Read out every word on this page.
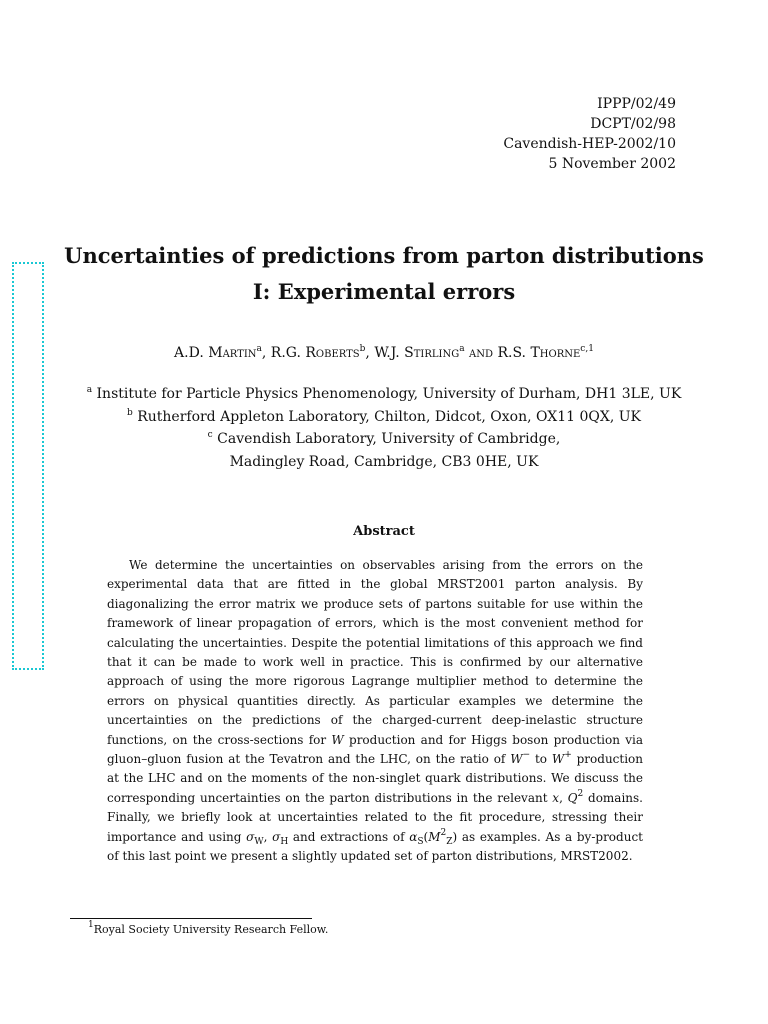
IPPP/02/49
DCPT/02/98
Cavendish-HEP-2002/10
5 November 2002
Uncertainties of predictions from parton distributions
I: Experimental errors
A.D. Martin$^a$, R.G. Roberts$^b$, W.J. Stirling$^a$ and R.S. Thorne$^{c,1}$
$^a$ Institute for Particle Physics Phenomenology, University of Durham, DH1 3LE, UK
$^b$ Rutherford Appleton Laboratory, Chilton, Didcot, Oxon, OX11 0QX, UK
$^c$ Cavendish Laboratory, University of Cambridge,
Madingley Road, Cambridge, CB3 0HE, UK
Abstract
We determine the uncertainties on observables arising from the errors on the experimental data that are fitted in the global MRST2001 parton analysis. By diagonalizing the error matrix we produce sets of partons suitable for use within the framework of linear propagation of errors, which is the most convenient method for calculating the uncertainties. Despite the potential limitations of this approach we find that it can be made to work well in practice. This is confirmed by our alternative approach of using the more rigorous Lagrange multiplier method to determine the errors on physical quantities directly. As particular examples we determine the uncertainties on the predictions of the charged-current deep-inelastic structure functions, on the cross-sections for W production and for Higgs boson production via gluon–gluon fusion at the Tevatron and the LHC, on the ratio of W− to W+ production at the LHC and on the moments of the non-singlet quark distributions. We discuss the corresponding uncertainties on the parton distributions in the relevant x, $Q^2$ domains. Finally, we briefly look at uncertainties related to the fit procedure, stressing their importance and using $\sigma_W$, $\sigma_H$ and extractions of $\alpha_S(M^2_Z)$ as examples. As a by-product of this last point we present a slightly updated set of parton distributions, MRST2002.
$^1$Royal Society University Research Fellow.
